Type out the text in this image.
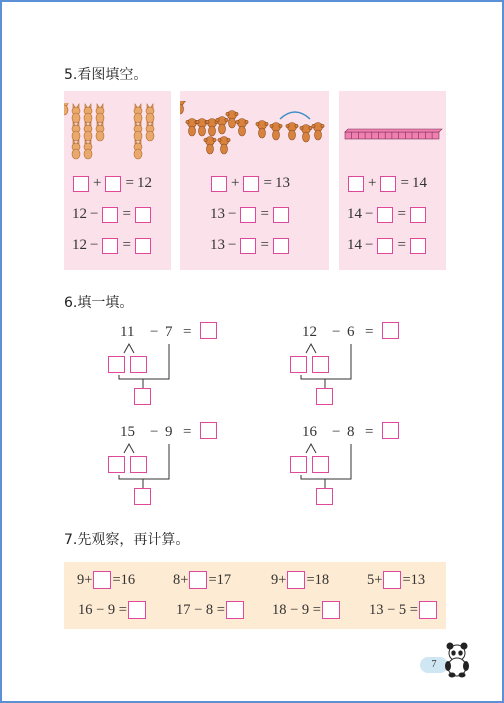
5.看图填空。
+ = 12
12 − =
12 − =
+ = 13
13 − =
13 − =
+ = 14
14 − =
14 − =
6.填一填。
11 − 7 =	12 − 6 =
15 − 9 =	16 − 8 =
7.先观察，再计算。
9 + = 16	8 + = 17	9 + = 18	5 + = 13
16 − 9 =	17 − 8 =	18 − 9 =	13 − 5 =
7
